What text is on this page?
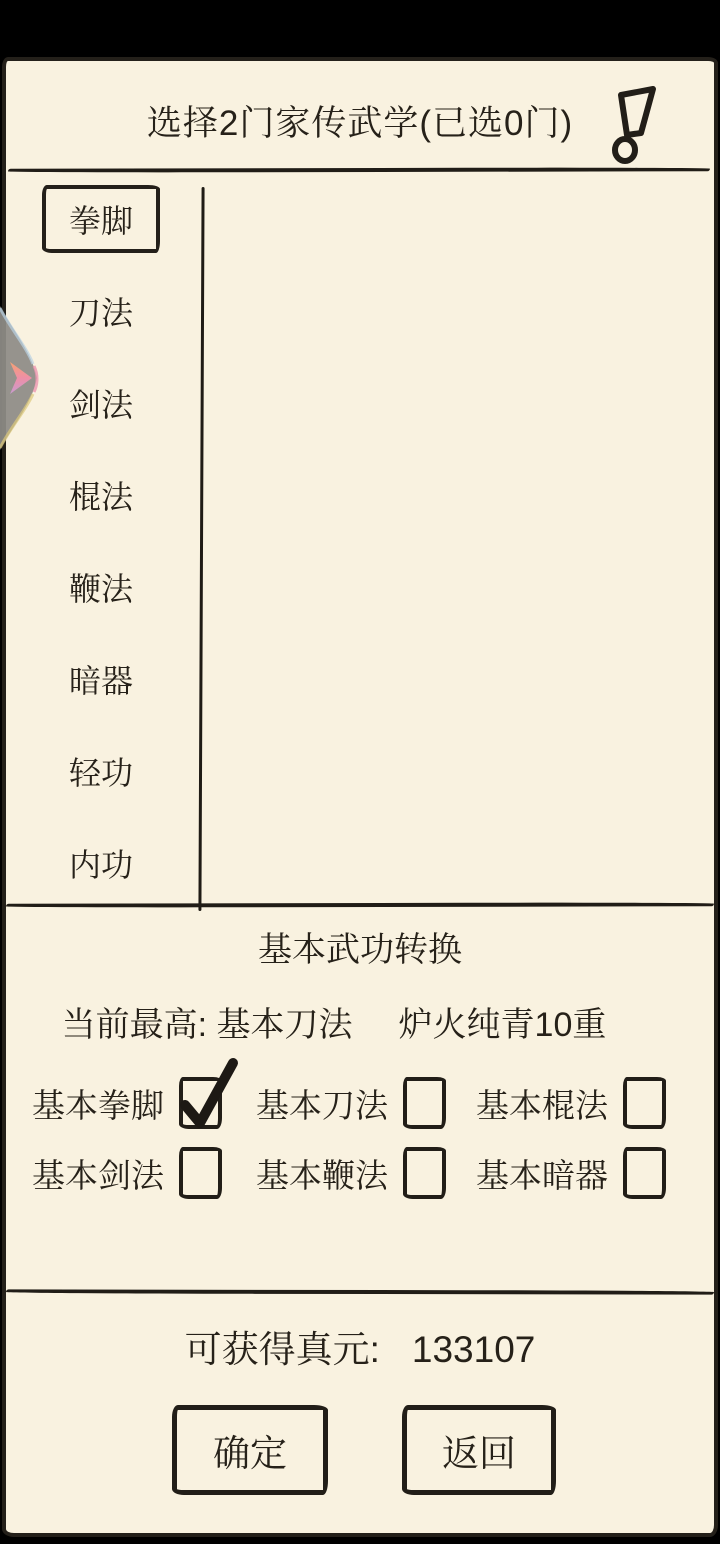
选择2门家传武学(已选0门)
拳脚
刀法
剑法
棍法
鞭法
暗器
轻功
内功
基本武功转换
当前最高: 基本刀法 炉火纯青10重
基本拳脚	基本刀法	基本棍法
基本剑法	基本鞭法	基本暗器
可获得真元: 133107
确定	返回
